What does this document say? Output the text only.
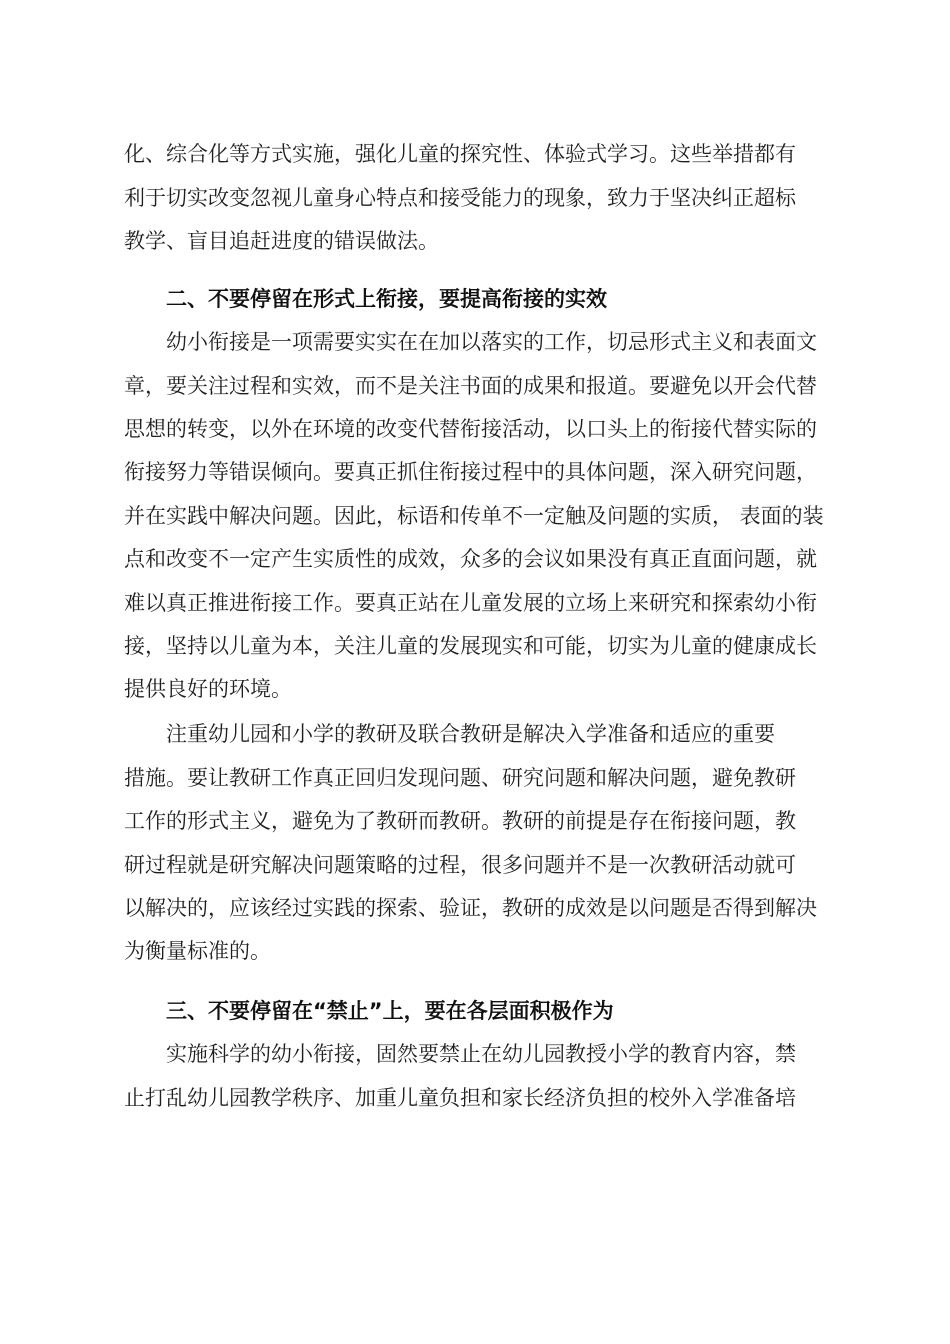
化、综合化等方式实施，强化儿童的探究性、体验式学习。这些举措都有
利于切实改变忽视儿童身心特点和接受能力的现象，致力于坚决纠正超标
教学、盲目追赶进度的错误做法。
二、不要停留在形式上衔接，要提高衔接的实效
幼小衔接是一项需要实实在在加以落实的工作，切忌形式主义和表面文
章，要关注过程和实效，而不是关注书面的成果和报道。要避免以开会代替
思想的转变，以外在环境的改变代替衔接活动，以口头上的衔接代替实际的
衔接努力等错误倾向。要真正抓住衔接过程中的具体问题，深入研究问题，
并在实践中解决问题。因此，标语和传单不一定触及问题的实质， 表面的装
点和改变不一定产生实质性的成效，众多的会议如果没有真正直面问题，就
难以真正推进衔接工作。要真正站在儿童发展的立场上来研究和探索幼小衔
接，坚持以儿童为本，关注儿童的发展现实和可能，切实为儿童的健康成长
提供良好的环境。
注重幼儿园和小学的教研及联合教研是解决入学准备和适应的重要
措施。要让教研工作真正回归发现问题、研究问题和解决问题，避免教研
工作的形式主义，避免为了教研而教研。教研的前提是存在衔接问题，教
研过程就是研究解决问题策略的过程，很多问题并不是一次教研活动就可
以解决的，应该经过实践的探索、验证，教研的成效是以问题是否得到解决
为衡量标准的。
三、不要停留在“禁止”上，要在各层面积极作为
实施科学的幼小衔接，固然要禁止在幼儿园教授小学的教育内容，禁
止打乱幼儿园教学秩序、加重儿童负担和家长经济负担的校外入学准备培
